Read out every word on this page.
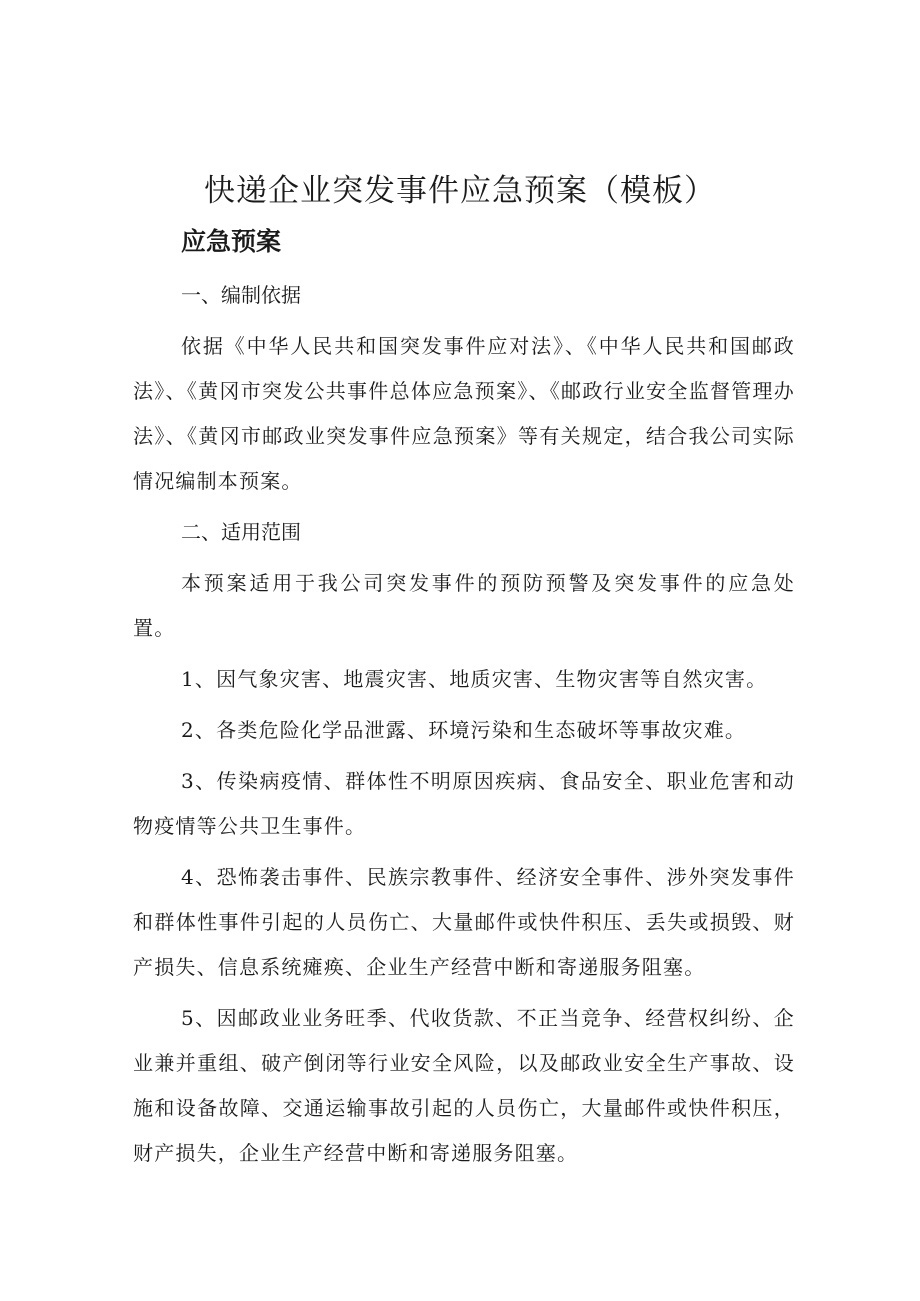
快递企业突发事件应急预案（模板）
应急预案

一、编制依据

依据《中华人民共和国突发事件应对法》、《中华人民共和国邮政法》、《黄冈市突发公共事件总体应急预案》、《邮政行业安全监督管理办法》、《黄冈市邮政业突发事件应急预案》等有关规定，结合我公司实际情况编制本预案。

二、适用范围

本预案适用于我公司突发事件的预防预警及突发事件的应急处置。

1、因气象灾害、地震灾害、地质灾害、生物灾害等自然灾害。

2、各类危险化学品泄露、环境污染和生态破坏等事故灾难。

3、传染病疫情、群体性不明原因疾病、食品安全、职业危害和动物疫情等公共卫生事件。

4、恐怖袭击事件、民族宗教事件、经济安全事件、涉外突发事件和群体性事件引起的人员伤亡、大量邮件或快件积压、丢失或损毁、财产损失、信息系统瘫痪、企业生产经营中断和寄递服务阻塞。

5、因邮政业业务旺季、代收货款、不正当竞争、经营权纠纷、企业兼并重组、破产倒闭等行业安全风险，以及邮政业安全生产事故、设施和设备故障、交通运输事故引起的人员伤亡，大量邮件或快件积压，财产损失，企业生产经营中断和寄递服务阻塞。
